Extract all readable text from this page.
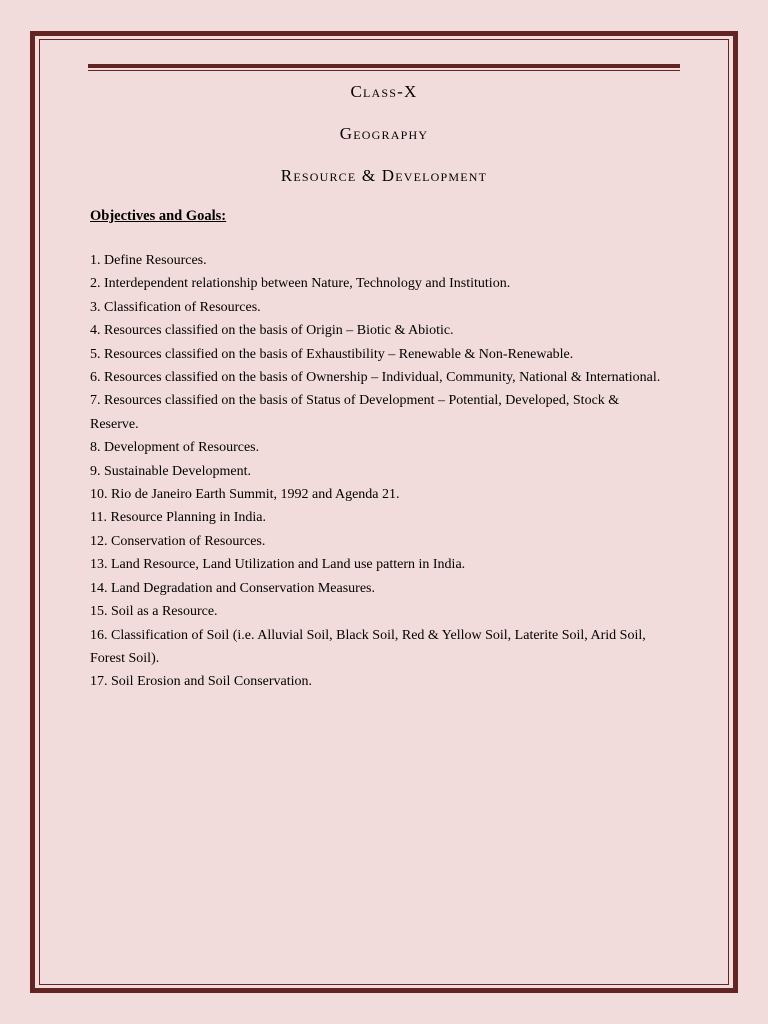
Class-X
Geography
Resource & Development
Objectives and Goals:
1. Define Resources.
2. Interdependent relationship between Nature, Technology and Institution.
3. Classification of Resources.
4. Resources classified on the basis of Origin – Biotic & Abiotic.
5. Resources classified on the basis of Exhaustibility – Renewable & Non-Renewable.
6. Resources classified on the basis of Ownership – Individual, Community, National & International.
7. Resources classified on the basis of Status of Development – Potential, Developed, Stock & Reserve.
8. Development of Resources.
9. Sustainable Development.
10. Rio de Janeiro Earth Summit, 1992 and Agenda 21.
11. Resource Planning in India.
12. Conservation of Resources.
13. Land Resource, Land Utilization and Land use pattern in India.
14. Land Degradation and Conservation Measures.
15. Soil as a Resource.
16. Classification of Soil (i.e. Alluvial Soil, Black Soil, Red & Yellow Soil, Laterite Soil, Arid Soil, Forest Soil).
17. Soil Erosion and Soil Conservation.
